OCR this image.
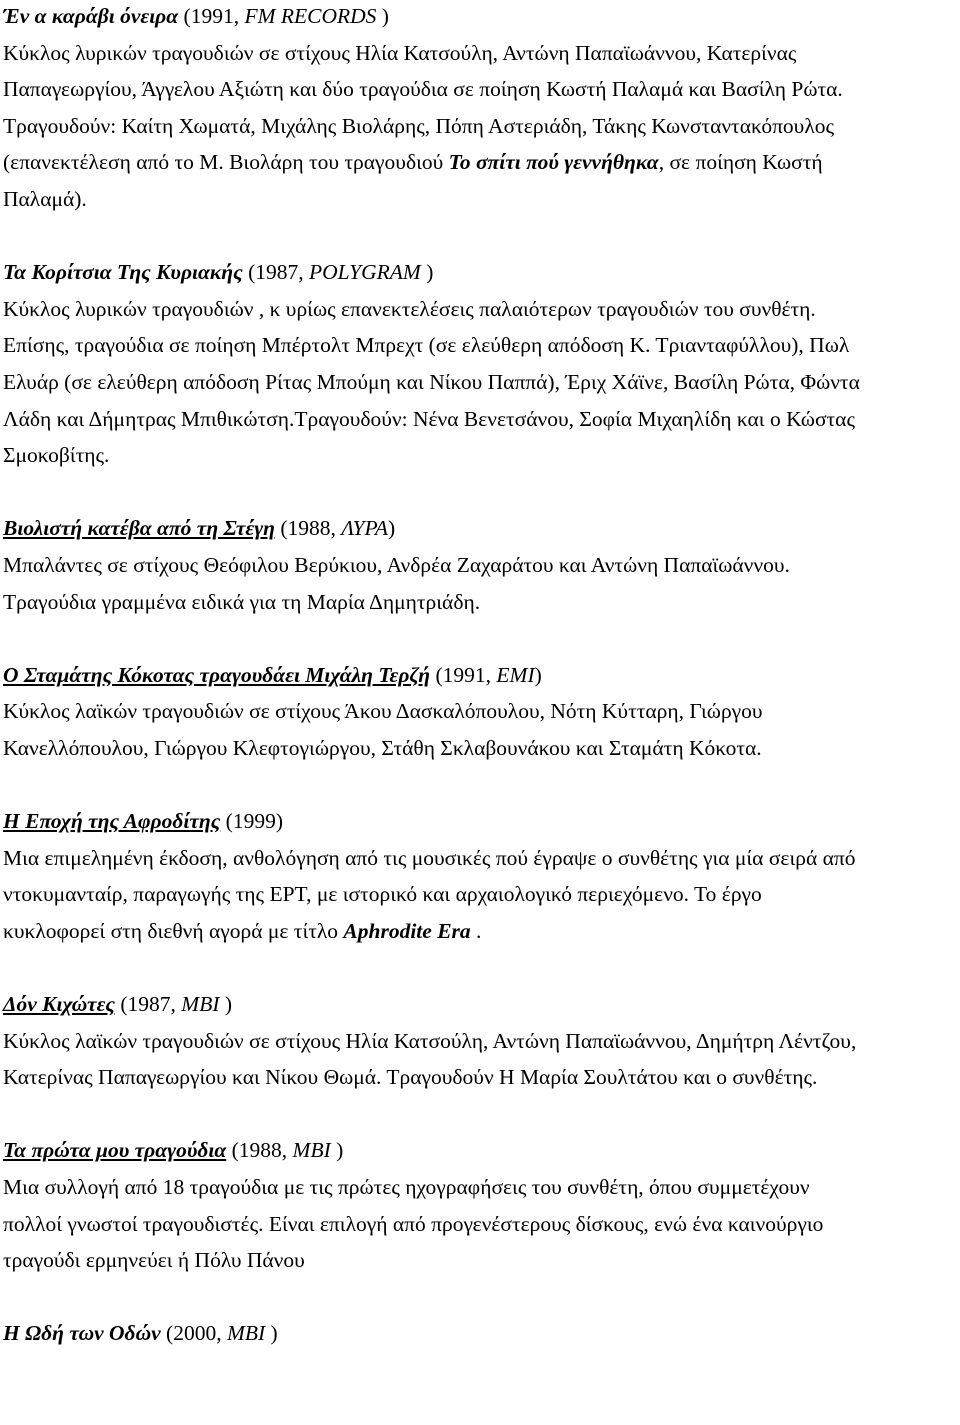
Έν α καράβι όνειρα (1991, FM RECORDS )

Κύκλος λυρικών τραγουδιών σε στίχους Ηλία Κατσούλη, Αντώνη Παπαϊωάννου, Κατερίνας

Παπαγεωργίου, Άγγελου Αξιώτη και δύο τραγούδια σε ποίηση Κωστή Παλαμά και Βασίλη Ρώτα.

Τραγουδούν: Καίτη Χωματά, Μιχάλης Βιολάρης, Πόπη Αστεριάδη, Τάκης Κωνσταντακόπουλος

(επανεκτέλεση από το Μ. Βιολάρη του τραγουδιού Το σπίτι πού γεννήθηκα, σε ποίηση Κωστή

Παλαμά).

Τα Κορίτσια Της Κυριακής (1987, POLYGRAM )

Κύκλος λυρικών τραγουδιών , κ υρίως επανεκτελέσεις παλαιότερων τραγουδιών του συνθέτη.

Επίσης, τραγούδια σε ποίηση Μπέρτολτ Μπρεχτ (σε ελεύθερη απόδοση Κ. Τριανταφύλλου), Πωλ

Ελυάρ (σε ελεύθερη απόδοση Ρίτας Μπούμη και Νίκου Παππά), Έριχ Χάϊνε, Βασίλη Ρώτα, Φώντα

Λάδη και Δήμητρας Μπιθικώτση.Τραγουδούν: Νένα Βενετσάνου, Σοφία Μιχαηλίδη και ο Κώστας

Σμοκοβίτης.

Βιολιστή κατέβα από τη Στέγη (1988, ΛΥΡΑ)

Μπαλάντες σε στίχους Θεόφιλου Βερύκιου, Ανδρέα Ζαχαράτου και Αντώνη Παπαϊωάννου.

Τραγούδια γραμμένα ειδικά για τη Μαρία Δημητριάδη.

Ο Σταμάτης Κόκοτας τραγουδάει Μιχάλη Τερζή (1991, EMI)

Κύκλος λαϊκών τραγουδιών σε στίχους Άκου Δασκαλόπουλου, Νότη Κύτταρη, Γιώργου

Κανελλόπουλου, Γιώργου Κλεφτογιώργου, Στάθη Σκλαβουνάκου και Σταμάτη Κόκοτα.

Η Εποχή της Αφροδίτης (1999)

Μια επιμελημένη έκδοση, ανθολόγηση από τις μουσικές πού έγραψε ο συνθέτης για μία σειρά από

ντοκυμανταίρ, παραγωγής της ΕΡΤ, με ιστορικό και αρχαιολογικό περιεχόμενο. Το έργο

κυκλοφορεί στη διεθνή αγορά με τίτλο Aphrodite Era .

Δόν Κιχώτες (1987, MBI )

Κύκλος λαϊκών τραγουδιών σε στίχους Ηλία Κατσούλη, Αντώνη Παπαϊωάννου, Δημήτρη Λέντζου,

Κατερίνας Παπαγεωργίου και Νίκου Θωμά. Τραγουδούν Η Μαρία Σουλτάτου και ο συνθέτης.

Τα πρώτα μου τραγούδια (1988, MBI )

Μια συλλογή από 18 τραγούδια με τις πρώτες ηχογραφήσεις του συνθέτη, όπου συμμετέχουν

πολλοί γνωστοί τραγουδιστές. Είναι επιλογή από προγενέστερους δίσκους, ενώ ένα καινούργιο

τραγούδι ερμηνεύει ή Πόλυ Πάνου

Η Ωδή των Οδών (2000, MBI )
